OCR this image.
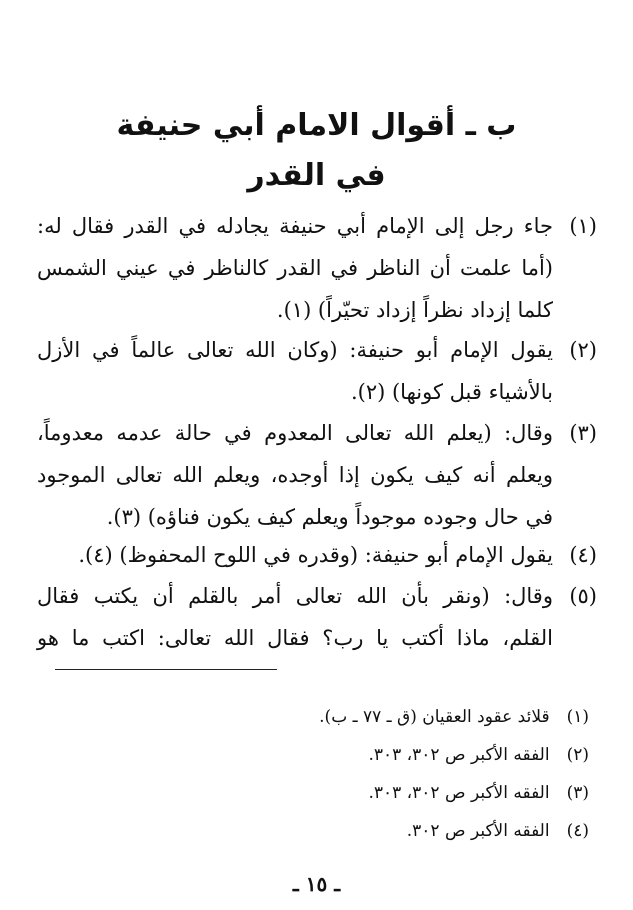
ب ـ أقوال الامام أبي حنيفة
في القدر
(١)
جاء رجل إلى الإمام أبي حنيفة يجادله في القدر فقال له:
(أما علمت أن الناظر في القدر كالناظر في عيني الشمس
كلما إزداد نظراً إزداد تحيّراً) (١).
(٢)
يقول الإمام أبو حنيفة: (وكان الله تعالى عالماً في الأزل
بالأشياء قبل كونها) (٢).
(٣)
وقال: (يعلم الله تعالى المعدوم في حالة عدمه معدوماً،
ويعلم أنه كيف يكون إذا أوجده، ويعلم الله تعالى الموجود
في حال وجوده موجوداً ويعلم كيف يكون فناؤه) (٣).
(٤)
يقول الإمام أبو حنيفة: (وقدره في اللوح المحفوظ) (٤).
(٥)
وقال: (ونقر بأن الله تعالى أمر بالقلم أن يكتب فقال
القلم، ماذا أكتب يا رب؟ فقال الله تعالى: اكتب ما هو
(١) قلائد عقود العقيان (ق ـ ٧٧ ـ ب).
(٢) الفقه الأكبر ص ٣٠٢، ٣٠٣.
(٣) الفقه الأكبر ص ٣٠٢، ٣٠٣.
(٤) الفقه الأكبر ص ٣٠٢.
ـ ١٥ ـ
